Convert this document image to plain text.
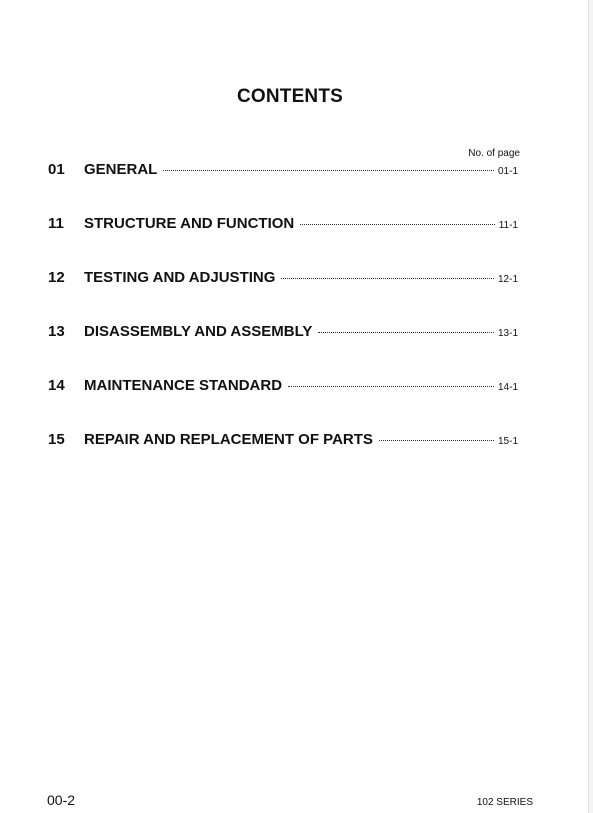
CONTENTS
No. of page
01	GENERAL	01-1
11	STRUCTURE AND FUNCTION	11-1
12	TESTING AND ADJUSTING	12-1
13	DISASSEMBLY AND ASSEMBLY	13-1
14	MAINTENANCE STANDARD	14-1
15	REPAIR AND REPLACEMENT OF PARTS	15-1
00-2	102 SERIES
